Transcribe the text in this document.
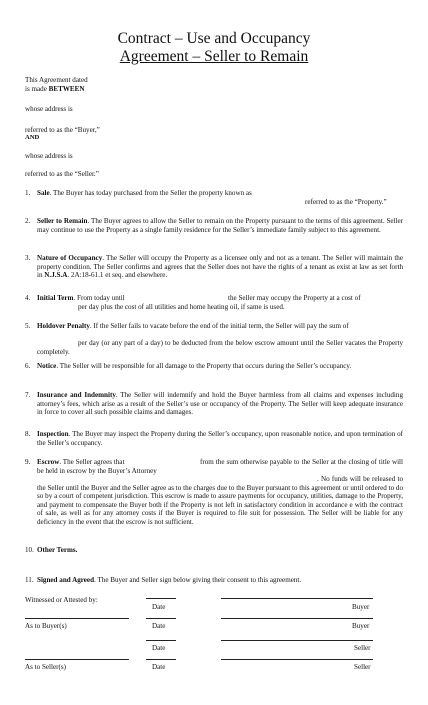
Contract – Use and Occupancy
Agreement – Seller to Remain
This Agreement dated
is made BETWEEN
whose address is
referred to as the “Buyer,”
AND
whose address is
referred to as the “Seller.”
1. Sale. The Buyer has today purchased from the Seller the property known as
referred to as the “Property.”
2. Seller to Remain. The Buyer agrees to allow the Seller to remain on the Property pursuant to the terms of this agreement. Seller may continue to use the Property as a single family residence for the Seller’s immediate family subject to this agreement.
3. Nature of Occupancy. The Seller will occupy the Property as a licensee only and not as a tenant. The Seller will maintain the property condition. The Seller confirms and agrees that the Seller does not have the rights of a tenant as exist at law as set forth in N.J.S.A. 2A:18-61.1 et seq. and elsewhere.
4. Initial Term. From today until	the Seller may occupy the Property at a cost of
per day plus the cost of all utilities and home heating oil, if same is used.
5. Holdover Penalty. If the Seller fails to vacate before the end of the initial term, the Seller will pay the sum of
per day (or any part of a day) to be deducted from the below escrow amount until the Seller vacates the Property completely.
6. Notice. The Seller will be responsible for all damage to the Property that occurs during the Seller’s occupancy.
7. Insurance and Indemnity. The Seller will indemnify and hold the Buyer harmless from all claims and expenses including attorney’s fees, which arise as a result of the Seller’s use or occupancy of the Property. The Seller will keep adequate insurance in force to cover all such possible claims and damages.
8. Inspection. The Buyer may inspect the Property during the Seller’s occupancy, upon reasonable notice, and upon termination of the Seller’s occupancy.
9. Escrow. The Seller agrees that	from the sum otherwise payable to the Seller at the closing of title will be held in escrow by the Buyer’s Attorney
. No funds will be released to the Seller until the Buyer and the Seller agree as to the charges due to the Buyer pursuant to this agreement or until ordered to do so by a court of competent jurisdiction. This escrow is made to assure payments for occupancy, utilities, damage to the Property, and payment to compensate the Buyer both if the Property is not left in satisfactory condition in accordance e with the contract of sale, as well as for any attorney costs if the Buyer is required to file suit for possession. The Seller will be liable for any deficiency in the event that the escrow is not sufficient.
10. Other Terms.
11. Signed and Agreed. The Buyer and Seller sign below giving their consent to this agreement.
Witnessed or Attested by:
Date	Buyer
As to Buyer(s)	Date	Buyer
Date	Seller
As to Seller(s)	Date	Seller
